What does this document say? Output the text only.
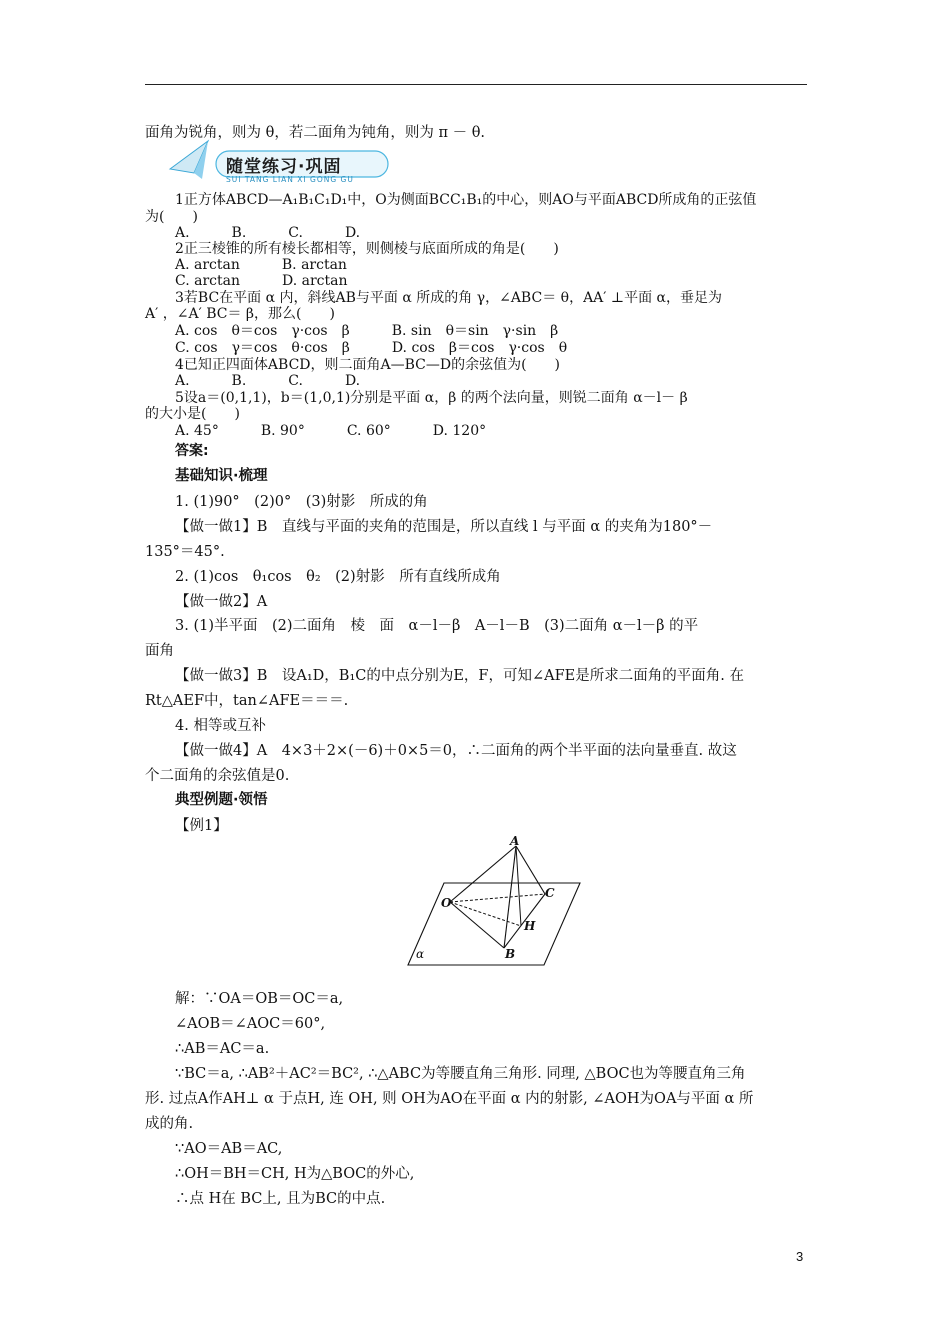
面角为锐角，则为 θ，若二面角为钝角，则为 π － θ.
随堂练习·巩固
SUI TANG LIAN XI GONG GU
1正方体ABCD—A₁B₁C₁D₁中，O为侧面BCC₁B₁的中心，则AO与平面ABCD所成角的正弦值
为(　　)
A.　　　B.　　　C.　　　D.
2正三棱锥的所有棱长都相等，则侧棱与底面所成的角是(　　)
A. arctan　　　B. arctan
C. arctan　　　D. arctan
3若BC在平面 α 内，斜线AB与平面 α 所成的角 γ，∠ABC＝ θ，AA′ ⊥平面 α，垂足为
A′ ，∠A′ BC＝ β，那么(　　)
A. cos　θ＝cos　γ·cos　β　　　B. sin　θ＝sin　γ·sin　β
C. cos　γ＝cos　θ·cos　β　　　D. cos　β＝cos　γ·cos　θ
4已知正四面体ABCD，则二面角A—BC—D的余弦值为(　　)
A.　　　B.　　　C.　　　D.
5设a＝(0,1,1)，b＝(1,0,1)分别是平面 α，β 的两个法向量，则锐二面角 α－l－ β
的大小是(　　)
A. 45°　　　B. 90°　　　C. 60°　　　D. 120°
答案:
基础知识·梳理
1. (1)90°　(2)0°　(3)射影　所成的角
【做一做1】B　直线与平面的夹角的范围是，所以直线 l 与平面 α 的夹角为180°－
135°＝45°.
2. (1)cos　θ₁cos　θ₂　(2)射影　所有直线所成角
【做一做2】A
3. (1)半平面　(2)二面角　棱　面　α－l－β　A－l－B　(3)二面角 α－l－β 的平
面角
【做一做3】B　设A₁D，B₁C的中点分别为E，F，可知∠AFE是所求二面角的平面角. 在
Rt△AEF中，tan∠AFE＝＝＝.
4. 相等或互补
【做一做4】A　4×3＋2×(－6)＋0×5＝0，∴二面角的两个半平面的法向量垂直. 故这
个二面角的余弦值是0.
典型例题·领悟
【例1】
A
O
C
H
B
α
解：∵OA＝OB＝OC＝a,
∠AOB＝∠AOC＝60°,
∴AB＝AC＝a.
∵BC＝a, ∴AB²＋AC²＝BC², ∴△ABC为等腰直角三角形. 同理, △BOC也为等腰直角三角
形. 过点A作AH⊥ α 于点H, 连 OH, 则 OH为AO在平面 α 内的射影, ∠AOH为OA与平面 α 所
成的角.
∵AO＝AB＝AC,
∴OH＝BH＝CH, H为△BOC的外心,
∴点 H在 BC上, 且为BC的中点.
3
